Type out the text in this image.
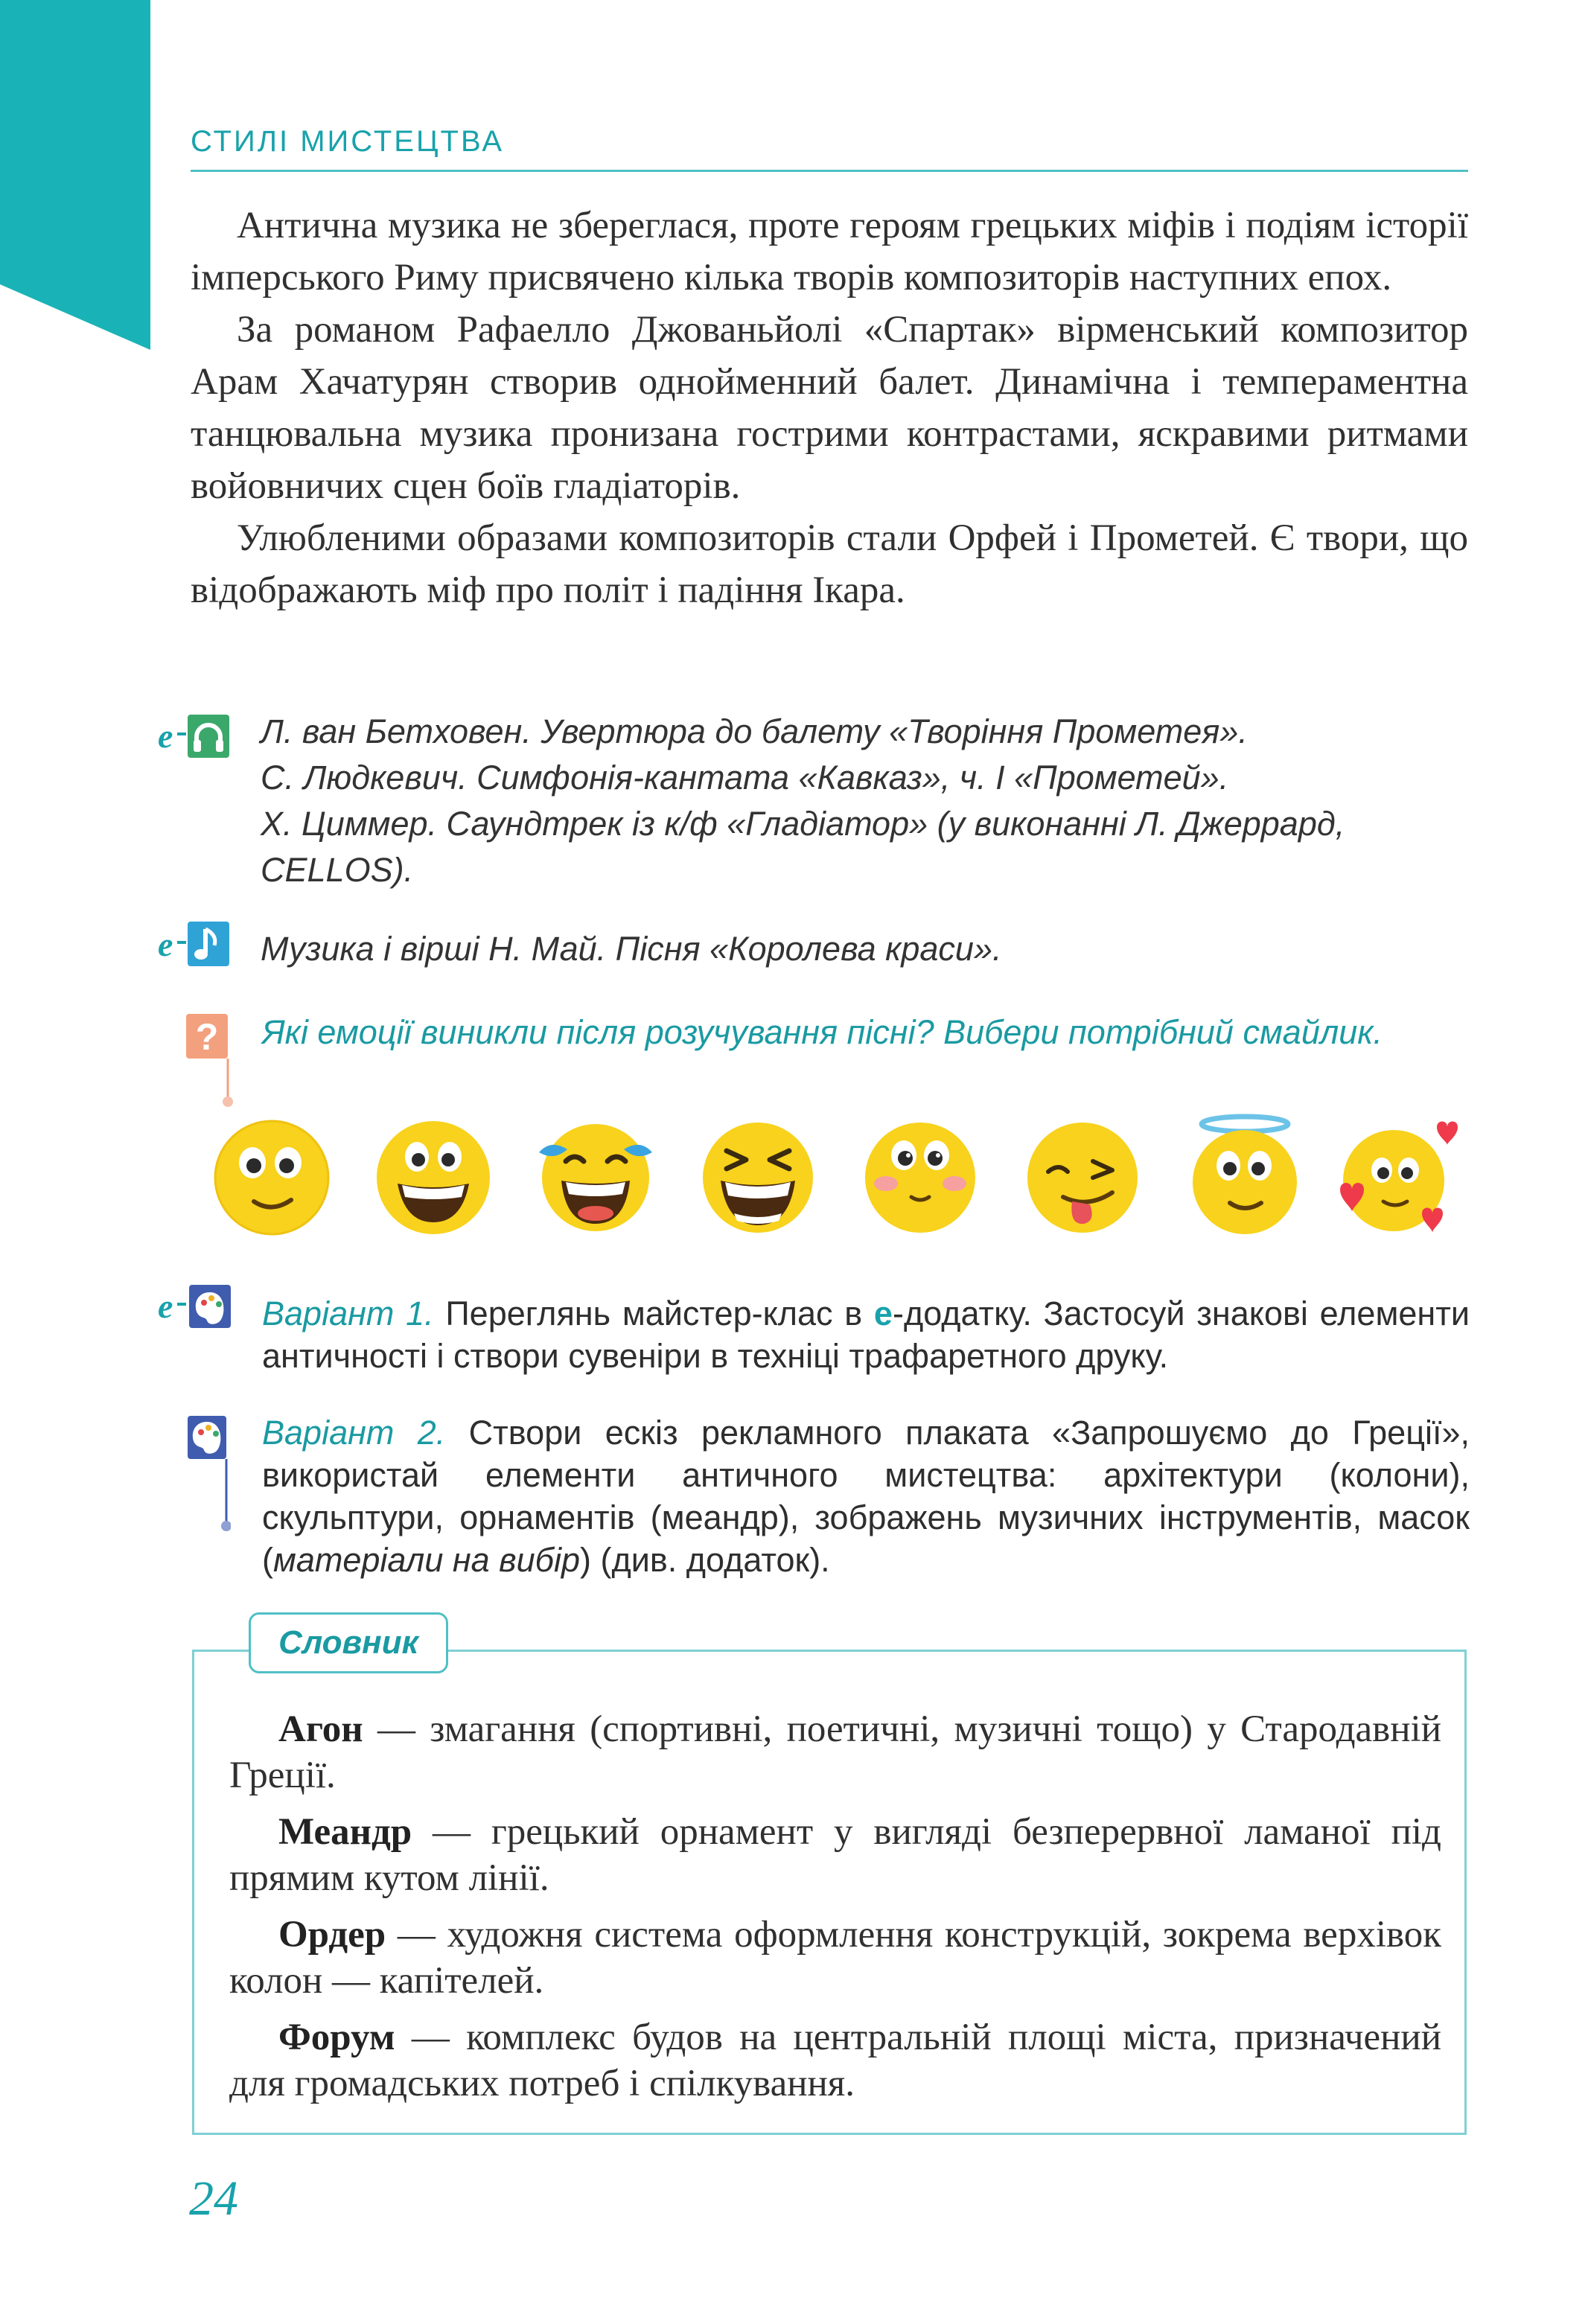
СТИЛІ МИСТЕЦТВА

Антична музика не збереглася, проте героям грецьких міфів і подіям історії імперського Риму присвячено кілька творів композиторів наступних епох.

За романом Рафаелло Джованьйолі «Спартак» вірменський композитор Арам Хачатурян створив однойменний балет. Динамічна і темпераментна танцювальна музика пронизана гострими контрастами, яскравими ритмами войовничих сцен боїв гладіаторів.

Улюбленими образами композиторів стали Орфей і Прометей. Є твори, що відображають міф про політ і падіння Ікара.

e	Л. ван Бетховен. Увертюра до балету «Творіння Прометея».
С. Людкевич. Симфонія-кантата «Кавказ», ч. І «Прометей».
Х. Циммер. Саундтрек із к/ф «Гладіатор» (у виконанні Л. Джеррард, CELLOS).
e	Музика і вірші Н. Май. Пісня «Королева краси».
? Які емоції виникли після розучування пісні? Вибери потрібний смайлик.
e	Варіант 1. Переглянь майстер-клас в е-додатку. Застосуй знакові елементи античності і створи сувеніри в техніці трафаретного друку.
Варіант 2. Створи ескіз рекламного плаката «Запрошуємо до Греції», використай елементи античного мистецтва: архітектури (колони), скульптури, орнаментів (меандр), зображень музичних інструментів, масок (матеріали на вибір) (див. додаток).
Словник

Агон — змагання (спортивні, поетичні, музичні тощо) у Стародавній Греції.

Меандр — грецький орнамент у вигляді безперервної ламаної під прямим кутом лінії.

Ордер — художня система оформлення конструкцій, зокрема верхівок колон — капітелей.

Форум — комплекс будов на центральній площі міста, призначений для громадських потреб і спілкування.

24
